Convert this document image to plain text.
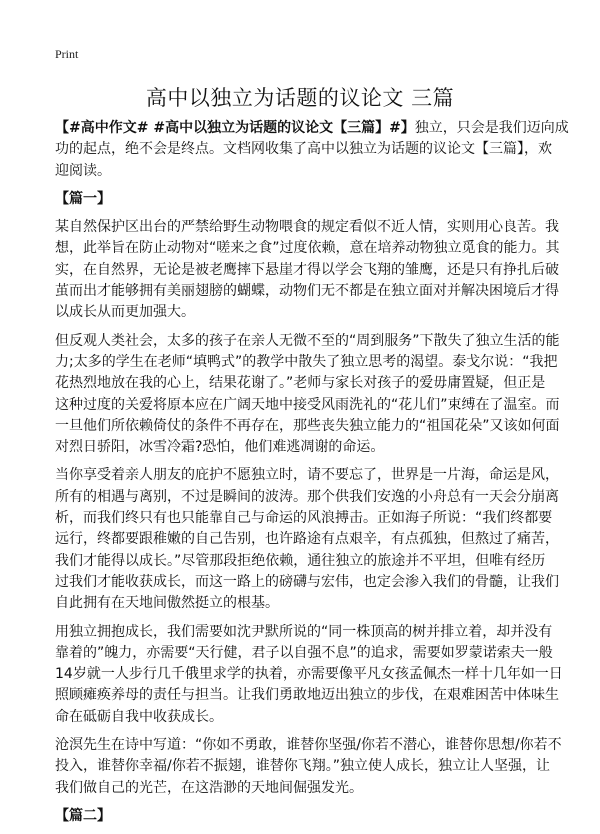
Print
高中以独立为话题的议论文 三篇
【#高中作文# #高中以独立为话题的议论文【三篇】#】独立，只会是我们迈向成
功的起点，绝不会是终点。文档网收集了高中以独立为话题的议论文【三篇】，欢
迎阅读。
【篇一】
某自然保护区出台的严禁给野生动物喂食的规定看似不近人情，实则用心良苦。我
想，此举旨在防止动物对“嗟来之食”过度依赖，意在培养动物独立觅食的能力。其
实，在自然界，无论是被老鹰摔下悬崖才得以学会飞翔的雏鹰，还是只有挣扎后破
茧而出才能够拥有美丽翅膀的蝴蝶，动物们无不都是在独立面对并解决困境后才得
以成长从而更加强大。
但反观人类社会，太多的孩子在亲人无微不至的“周到服务”下散失了独立生活的能
力;太多的学生在老师“填鸭式”的教学中散失了独立思考的渴望。泰戈尔说：“我把
花热烈地放在我的心上，结果花谢了。”老师与家长对孩子的爱毋庸置疑，但正是
这种过度的关爱将原本应在广阔天地中接受风雨洗礼的“花儿们”束缚在了温室。而
一旦他们所依赖倚仗的条件不再存在，那些丧失独立能力的“祖国花朵”又该如何面
对烈日骄阳，冰雪冷霜?恐怕，他们难逃凋谢的命运。
当你享受着亲人朋友的庇护不愿独立时，请不要忘了，世界是一片海，命运是风，
所有的相遇与离别，不过是瞬间的波涛。那个供我们安逸的小舟总有一天会分崩离
析，而我们终只有也只能靠自己与命运的风浪搏击。正如海子所说：“我们终都要
远行，终都要跟稚嫩的自己告别，也许路途有点艰辛，有点孤独，但熬过了痛苦，
我们才能得以成长。”尽管那段拒绝依赖，通往独立的旅途并不平坦，但唯有经历
过我们才能收获成长，而这一路上的磅礴与宏伟，也定会渗入我们的骨髓，让我们
自此拥有在天地间傲然挺立的根基。
用独立拥抱成长，我们需要如沈尹默所说的“同一株顶高的树并排立着，却并没有
靠着的”魄力，亦需要“天行健，君子以自强不息”的追求，需要如罗蒙诺索夫一般
14岁就一人步行几千俄里求学的执着，亦需要像平凡女孩孟佩杰一样十几年如一日
照顾瘫痪养母的责任与担当。让我们勇敢地迈出独立的步伐，在艰难困苦中体味生
命在砥砺自我中收获成长。
沧溟先生在诗中写道：“你如不勇敢，谁替你坚强/你若不潜心，谁替你思想/你若不
投入，谁替你幸福/你若不振翅，谁替你飞翔。”独立使人成长，独立让人坚强，让
我们做自己的光芒，在这浩渺的天地间倔强发光。
【篇二】
